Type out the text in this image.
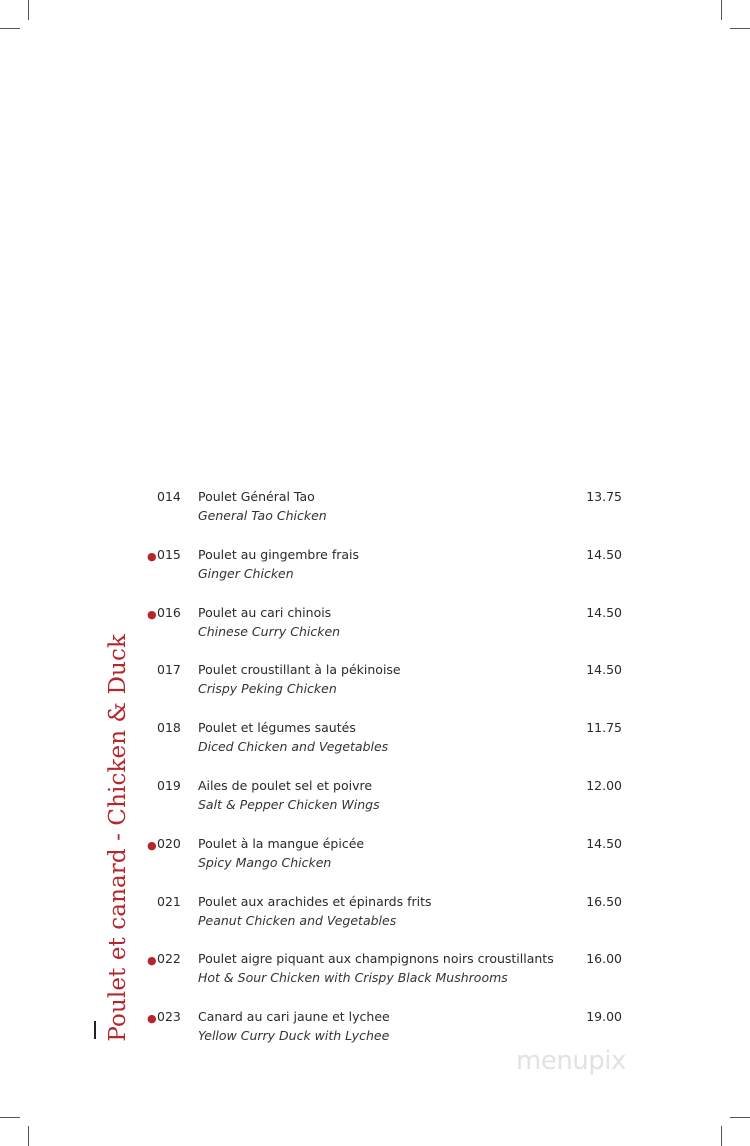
Poulet et canard - Chicken & Duck
014 Poulet Général Tao
General Tao Chicken
13.75
● 015 Poulet au gingembre frais
Ginger Chicken
14.50
● 016 Poulet au cari chinois
Chinese Curry Chicken
14.50
017 Poulet croustillant à la pékinoise
Crispy Peking Chicken
14.50
018 Poulet et légumes sautés
Diced Chicken and Vegetables
11.75
019 Ailes de poulet sel et poivre
Salt & Pepper Chicken Wings
12.00
● 020 Poulet à la mangue épicée
Spicy Mango Chicken
14.50
021 Poulet aux arachides et épinards frits
Peanut Chicken and Vegetables
16.50
● 022 Poulet aigre piquant aux champignons noirs croustillants
Hot & Sour Chicken with Crispy Black Mushrooms
16.00
● 023 Canard au cari jaune et lychee
Yellow Curry Duck with Lychee
19.00
menupix
